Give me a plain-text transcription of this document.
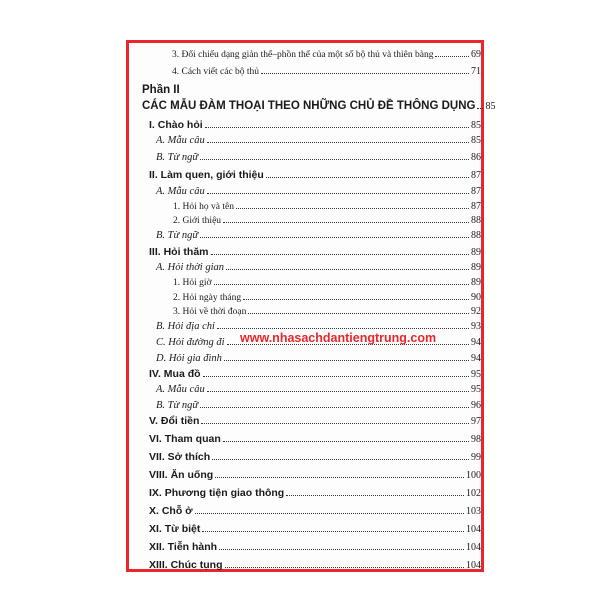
3. Đối chiếu dạng giản thể–phồn thể của một số bộ thủ và thiên bàng	69
4. Cách viết các bộ thủ	71
Phần II
CÁC MẪU ĐÀM THOẠI THEO NHỮNG CHỦ ĐỀ THÔNG DỤNG 85
I. Chào hỏi	85
A. Mẫu câu	85
B. Từ ngữ	86
II. Làm quen, giới thiệu	87
A. Mẫu câu	87
1. Hỏi họ và tên	87
2. Giới thiệu	88
B. Từ ngữ	88
III. Hỏi thăm	89
A. Hỏi thời gian	89
1. Hỏi giờ	89
2. Hỏi ngày tháng	90
3. Hỏi về thời đoạn	92
B. Hỏi địa chỉ	93
C. Hỏi đường đi	94
D. Hỏi gia đình	94
IV. Mua đồ	95
A. Mẫu câu	95
B. Từ ngữ	96
V. Đổi tiền	97
VI. Tham quan	98
VII. Sở thích	99
VIII. Ăn uống	100
IX. Phương tiện giao thông	102
X. Chỗ ở	103
XI. Từ biệt	104
XII. Tiễn hành	104
XIII. Chúc tụng	104
www.nhasachdantiengtrung.com
